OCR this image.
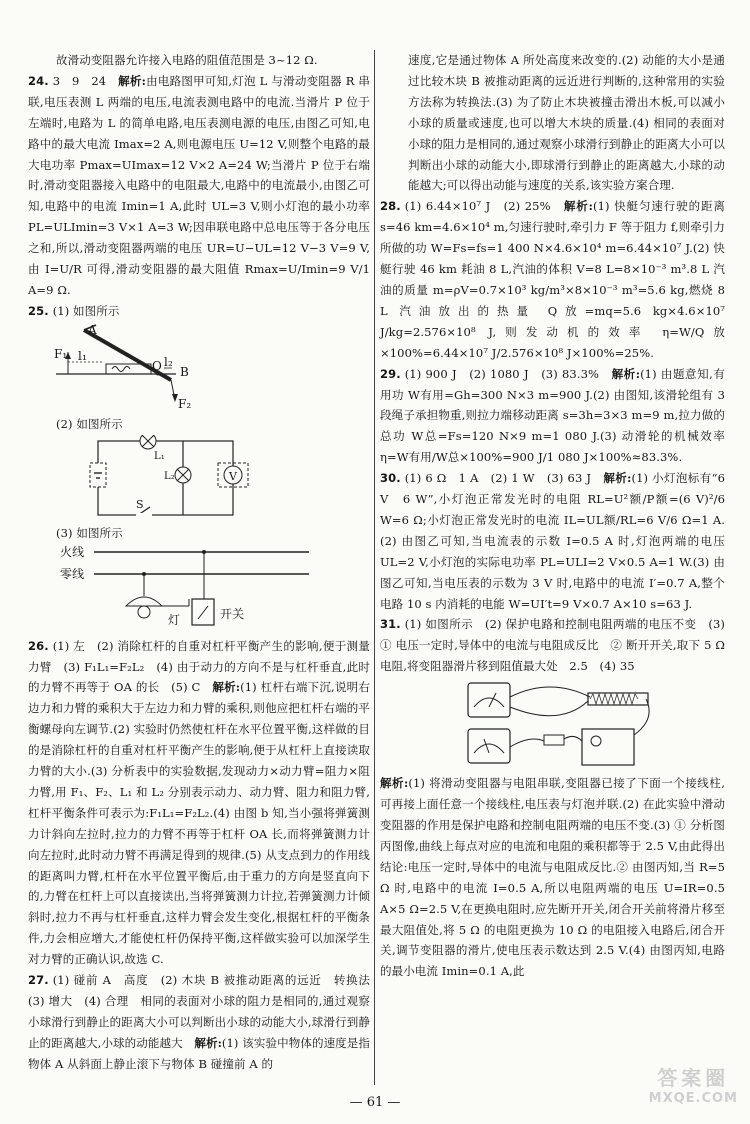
故滑动变阻器允许接入电路的阻值范围是 3~12 Ω.

24. 3　9　24　解析:由电路图甲可知,灯泡 L 与滑动变阻器 R 串联,电压表测 L 两端的电压,电流表测电路中的电流.当滑片 P 位于左端时,电路为 L 的简单电路,电压表测电源的电压,由图乙可知,电路中的最大电流 Imax=2 A,则电源电压 U=12 V,则整个电路的最大电功率 Pmax=UImax=12 V×2 A=24 W;当滑片 P 位于右端时,滑动变阻器接入电路中的电阻最大,电路中的电流最小,由图乙可知,电路中的电流 Imin=1 A,此时 UL=3 V,则小灯泡的最小功率 PL=ULImin=3 V×1 A=3 W;因串联电路中总电压等于各分电压之和,所以,滑动变阻器两端的电压 UR=U−UL=12 V−3 V=9 V,由 I=U/R 可得,滑动变阻器的最大阻值 Rmax=U/Imin=9 V/1 A=9 Ω.

25. (1) 如图所示

A
F₁ l₁
O l₂
B
F₂

(2) 如图所示

L₁
L₂	V
S

(3) 如图所示

火线
零线
灯	开关

26. (1) 左　(2) 消除杠杆的自重对杠杆平衡产生的影响,便于测量力臂　(3) F₁L₁=F₂L₂　(4) 由于动力的方向不是与杠杆垂直,此时的力臂不再等于 OA 的长　(5) C　解析:(1) 杠杆右端下沉,说明右边力和力臂的乘积大于左边力和力臂的乘积,则他应把杠杆右端的平衡螺母向左调节.(2) 实验时仍然使杠杆在水平位置平衡,这样做的目的是消除杠杆的自重对杠杆平衡产生的影响,便于从杠杆上直接读取力臂的大小.(3) 分析表中的实验数据,发现动力×动力臂=阻力×阻力臂,用 F₁、F₂、L₁ 和 L₂ 分别表示动力、动力臂、阻力和阻力臂,杠杆平衡条件可表示为:F₁L₁=F₂L₂.(4) 由图 b 知,当小强将弹簧测力计斜向左拉时,拉力的力臂不再等于杠杆 OA 长,而将弹簧测力计向左拉时,此时动力臂不再满足得到的规律.(5) 从支点到力的作用线的距离叫力臂,杠杆在水平位置平衡后,由于重力的方向是竖直向下的,力臂在杠杆上可以直接读出,当将弹簧测力计拉,若弹簧测力计倾斜时,拉力不再与杠杆垂直,这样力臂会发生变化,根据杠杆的平衡条件,力会相应增大,才能使杠杆仍保持平衡,这样做实验可以加深学生对力臂的正确认识,故选 C.

27. (1) 碰前 A　高度　(2) 木块 B 被推动距离的远近　转换法　(3) 增大　(4) 合理　相同的表面对小球的阻力是相同的,通过观察小球滑行到静止的距离大小可以判断出小球的动能大小,球滑行到静止的距离越大,小球的动能越大　解析:(1) 该实验中物体的速度是指物体 A 从斜面上静止滚下与物体 B 碰撞前 A 的

速度,它是通过物体 A 所处高度来改变的.(2) 动能的大小是通过比较木块 B 被推动距离的远近进行判断的,这种常用的实验方法称为转换法.(3) 为了防止木块被撞击滑出木板,可以减小小球的质量或速度,也可以增大木块的质量.(4) 相同的表面对小球的阻力是相同的,通过观察小球滑行到静止的距离大小可以判断出小球的动能大小,即球滑行到静止的距离越大,小球的动能越大;可以得出动能与速度的关系,该实验方案合理.

28. (1) 6.44×10⁷ J　(2) 25%　解析:(1) 快艇匀速行驶的距离 s=46 km=4.6×10⁴ m,匀速行驶时,牵引力 F 等于阻力 f,则牵引力所做的功 W=Fs=fs=1 400 N×4.6×10⁴ m=6.44×10⁷ J.(2) 快艇行驶 46 km 耗油 8 L,汽油的体积 V=8 L=8×10⁻³ m³.8 L 汽油的质量 m=ρV=0.7×10³ kg/m³×8×10⁻³ m³=5.6 kg,燃烧 8 L 汽油放出的热量 Q放=mq=5.6 kg×4.6×10⁷ J/kg=2.576×10⁸ J,则发动机的效率 η=W/Q放×100%=6.44×10⁷ J/2.576×10⁸ J×100%=25%.

29. (1) 900 J　(2) 1080 J　(3) 83.3%　解析:(1) 由题意知,有用功 W有用=Gh=300 N×3 m=900 J.(2) 由图知,该滑轮组有 3 段绳子承担物重,则拉力端移动距离 s=3h=3×3 m=9 m,拉力做的总功 W总=Fs=120 N×9 m=1 080 J.(3) 动滑轮的机械效率 η=W有用/W总×100%=900 J/1 080 J×100%≈83.3%.

30. (1) 6 Ω　1 A　(2) 1 W　(3) 63 J　解析:(1) 小灯泡标有“6 V　6 W”,小灯泡正常发光时的电阻 RL=U²额/P额=(6 V)²/6 W=6 Ω;小灯泡正常发光时的电流 IL=UL额/RL=6 V/6 Ω=1 A.(2) 由图乙可知,当电流表的示数 I=0.5 A 时,灯泡两端的电压 UL=2 V,小灯泡的实际电功率 PL=ULI=2 V×0.5 A=1 W.(3) 由图乙可知,当电压表的示数为 3 V 时,电路中的电流 I′=0.7 A,整个电路 10 s 内消耗的电能 W=UI′t=9 V×0.7 A×10 s=63 J.

31. (1) 如图所示　(2) 保护电路和控制电阻两端的电压不变　(3) ① 电压一定时,导体中的电流与电阻成反比　② 断开开关,取下 5 Ω 电阻,将变阻器滑片移到阻值最大处　2.5　(4) 35

解析:(1) 将滑动变阻器与电阻串联,变阻器已接了下面一个接线柱,可再接上面任意一个接线柱,电压表与灯泡并联.(2) 在此实验中滑动变阻器的作用是保护电路和控制电阻两端的电压不变.(3) ① 分析图丙图像,曲线上每点对应的电流和电阻的乘积都等于 2.5 V,由此得出结论:电压一定时,导体中的电流与电阻成反比.② 由图丙知,当 R=5 Ω 时,电路中的电流 I=0.5 A,所以电阻两端的电压 U=IR=0.5 A×5 Ω=2.5 V,在更换电阻时,应先断开开关,闭合开关前将滑片移至最大阻值处,将 5 Ω 的电阻更换为 10 Ω 的电阻接入电路后,闭合开关,调节变阻器的滑片,使电压表示数达到 2.5 V.(4) 由图丙知,电路的最小电流 Imin=0.1 A,此

— 61 —
答案圈
MXQE.COM
